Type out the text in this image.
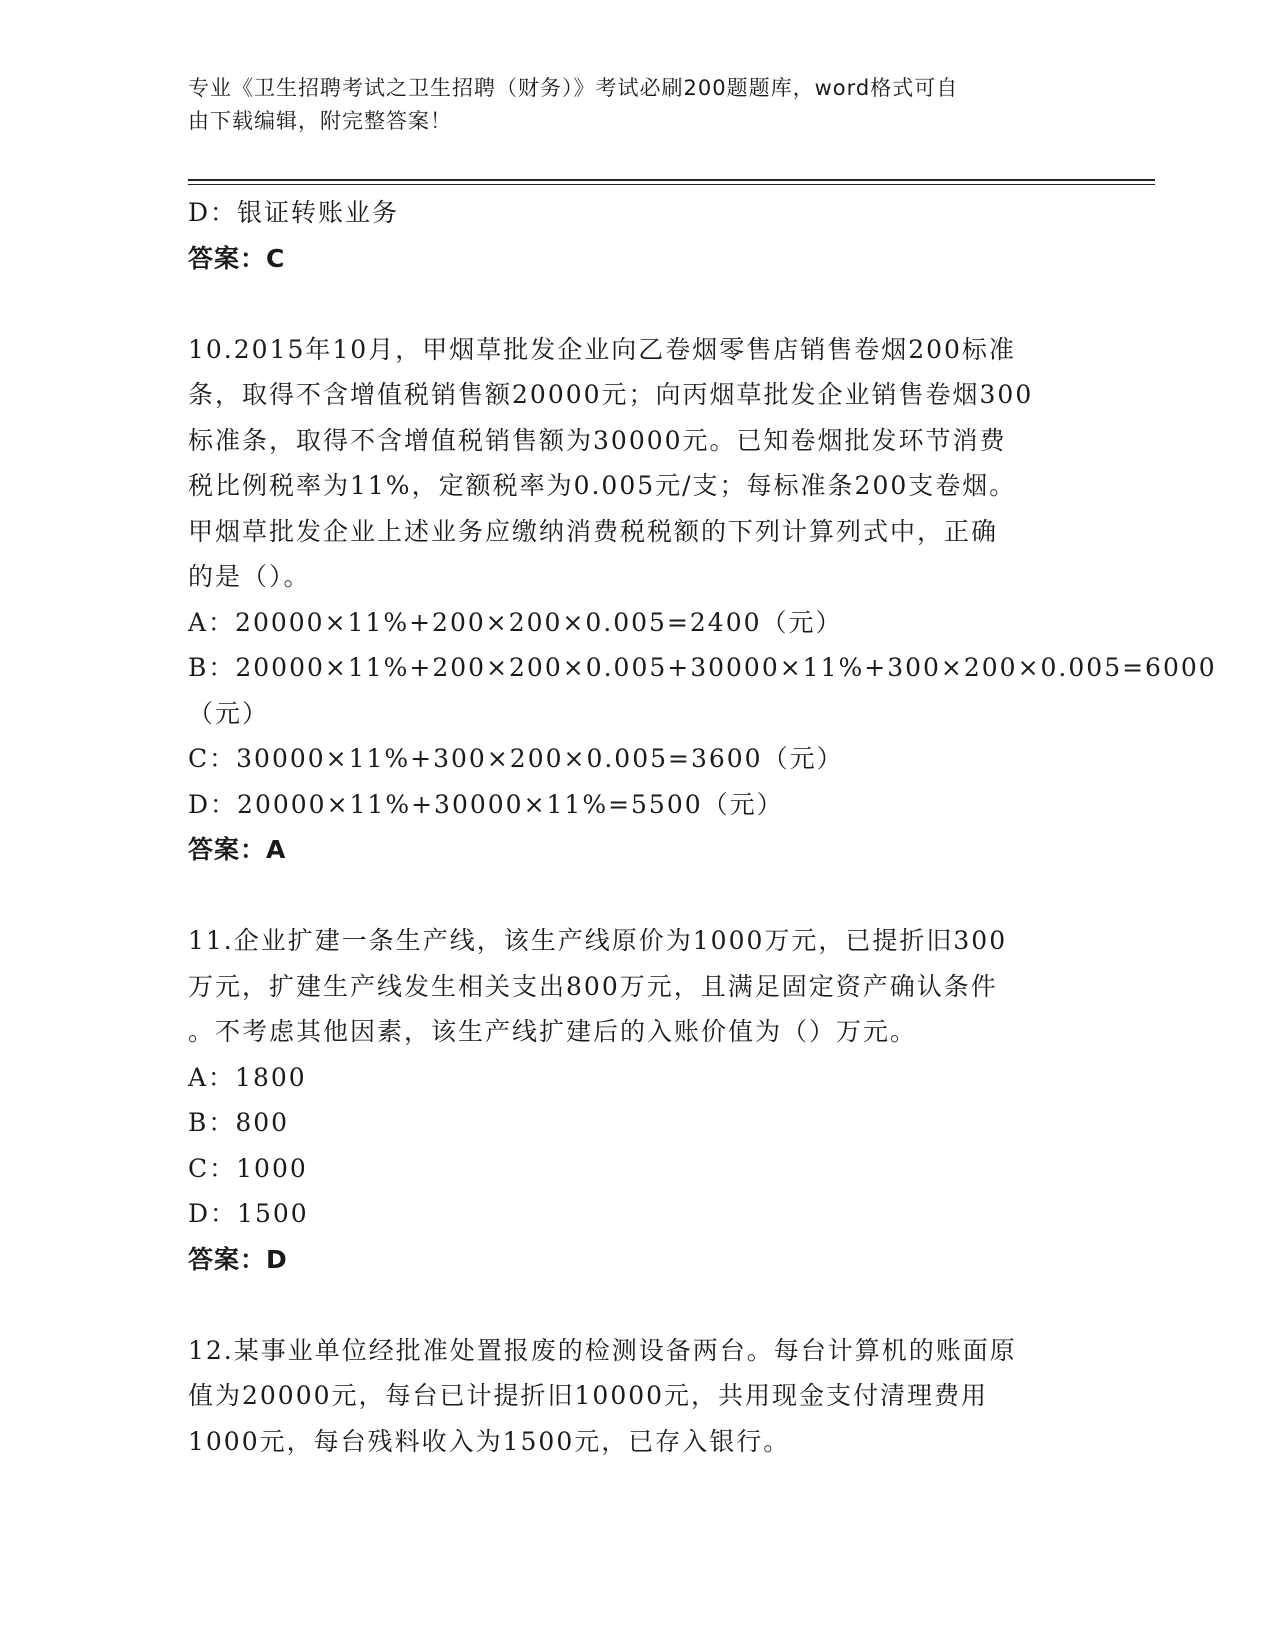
专业《卫生招聘考试之卫生招聘（财务）》考试必刷200题题库，word格式可自
由下载编辑，附完整答案！
D：银证转账业务
答案：C
10.2015年10月，甲烟草批发企业向乙卷烟零售店销售卷烟200标准
条，取得不含增值税销售额20000元；向丙烟草批发企业销售卷烟300
标准条，取得不含增值税销售额为30000元。已知卷烟批发环节消费
税比例税率为11%，定额税率为0.005元/支；每标准条200支卷烟。
甲烟草批发企业上述业务应缴纳消费税税额的下列计算列式中，正确
的是（）。
A：20000×11%+200×200×0.005=2400（元）
B：20000×11%+200×200×0.005+30000×11%+300×200×0.005=6000
（元）
C：30000×11%+300×200×0.005=3600（元）
D：20000×11%+30000×11%=5500（元）
答案：A
11.企业扩建一条生产线，该生产线原价为1000万元，已提折旧300
万元，扩建生产线发生相关支出800万元，且满足固定资产确认条件
。不考虑其他因素，该生产线扩建后的入账价值为（）万元。
A：1800
B：800
C：1000
D：1500
答案：D
12.某事业单位经批准处置报废的检测设备两台。每台计算机的账面原
值为20000元，每台已计提折旧10000元，共用现金支付清理费用
1000元，每台残料收入为1500元，已存入银行。
